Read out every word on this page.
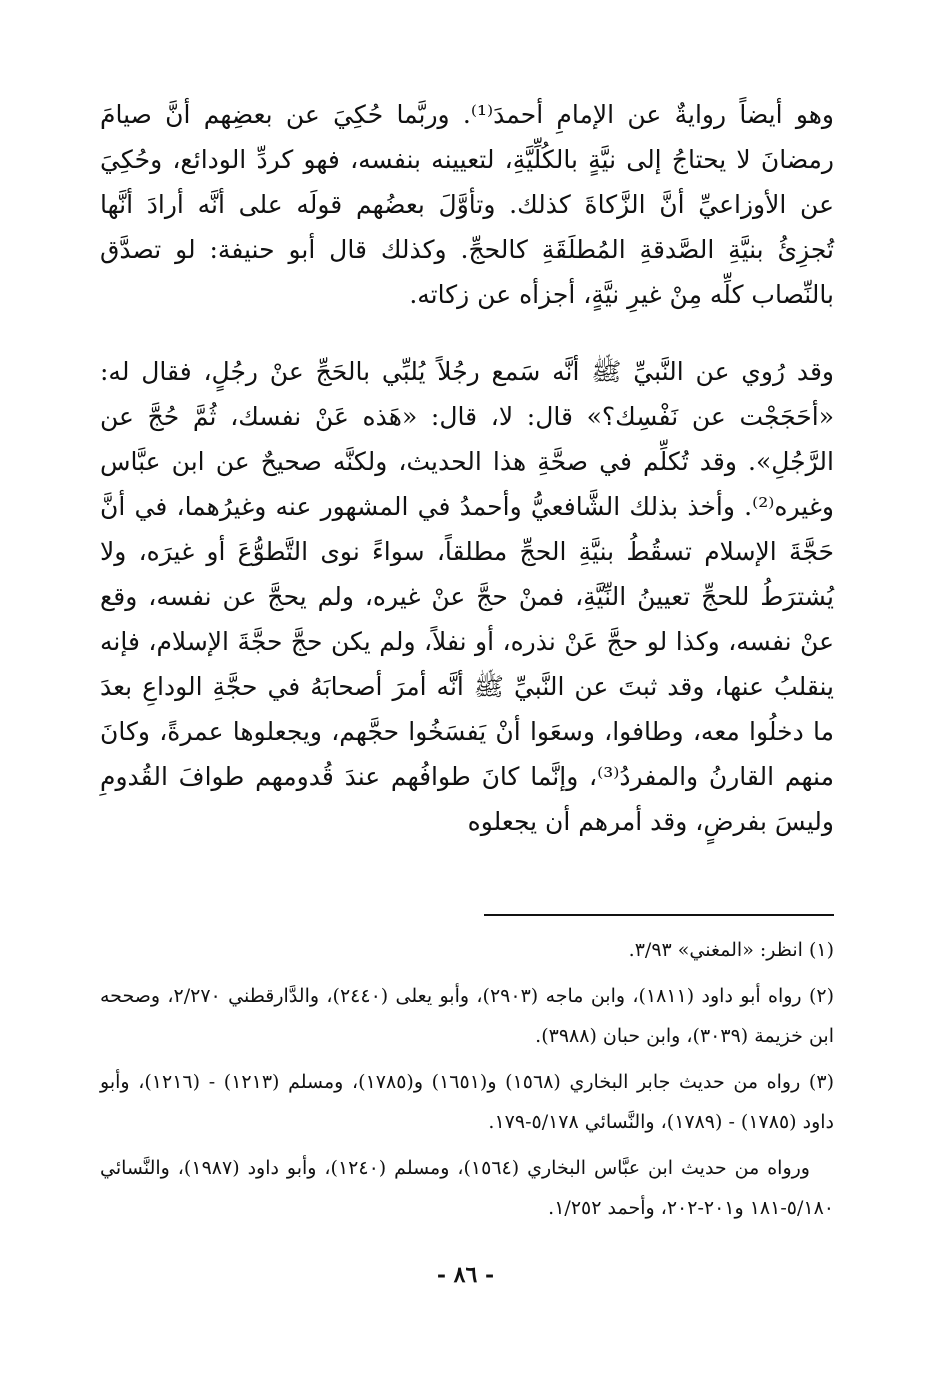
وهو أيضاً روايةٌ عن الإمامِ أحمدَ⁽¹⁾. وربَّما حُكِيَ عن بعضِهم أنَّ صيامَ رمضانَ لا يحتاجُ إلى نيَّةٍ بالكُلِّيَّةِ، لتعيينه بنفسه، فهو كردِّ الودائع، وحُكِيَ عن الأوزاعيِّ أنَّ الزَّكاةَ كذلك. وتأوَّلَ بعضُهم قولَه على أنَّه أرادَ أنَّها تُجزِئُ بنيَّةِ الصَّدقةِ المُطلَقَةِ كالحجِّ. وكذلك قال أبو حنيفة: لو تصدَّق بالنِّصاب كلِّه مِنْ غيرِ نيَّةٍ، أجزأه عن زكاته.

وقد رُوي عن النَّبيِّ ﷺ أنَّه سَمع رجُلاً يُلبِّي بالحَجِّ عنْ رجُلٍ، فقال له: «أحَجَجْت عن نَفْسِك؟» قال: لا، قال: «هَذه عَنْ نفسك، ثُمَّ حُجَّ عن الرَّجُلِ». وقد تُكلِّم في صحَّةِ هذا الحديث، ولكنَّه صحيحٌ عن ابن عبَّاس وغيره⁽²⁾. وأخذ بذلك الشَّافعيُّ وأحمدُ في المشهور عنه وغيرُهما، في أنَّ حَجَّةَ الإسلام تسقُطُ بنيَّةِ الحجِّ مطلقاً، سواءً نوى التَّطوُّعَ أو غيرَه، ولا يُشترَطُ للحجِّ تعيينُ النِّيَّةِ، فمنْ حجَّ عنْ غيره، ولم يحجَّ عن نفسه، وقع عنْ نفسه، وكذا لو حجَّ عَنْ نذره، أو نفلاً، ولم يكن حجَّ حجَّةَ الإسلام، فإنه ينقلبُ عنها، وقد ثبتَ عن النَّبيِّ ﷺ أنَّه أمرَ أصحابَهُ في حجَّةِ الوداعِ بعدَ ما دخلُوا معه، وطافوا، وسعَوا أنْ يَفسَخُوا حجَّهم، ويجعلوها عمرةً، وكانَ منهم القارنُ والمفردُ⁽³⁾، وإنَّما كانَ طوافُهم عندَ قُدومهم طوافَ القُدومِ وليسَ بفرضٍ، وقد أمرهم أن يجعلوه

(١) انظر: «المغني» ٣/٩٣.

(٢) رواه أبو داود (١٨١١)، وابن ماجه (٢٩٠٣)، وأبو يعلى (٢٤٤٠)، والدَّارقطني ٢/٢٧٠، وصححه ابن خزيمة (٣٠٣٩)، وابن حبان (٣٩٨٨).

(٣) رواه من حديث جابر البخاري (١٥٦٨) و(١٦٥١) و(١٧٨٥)، ومسلم (١٢١٣) - (١٢١٦)، وأبو داود (١٧٨٥) - (١٧٨٩)، والنَّسائي ٥/١٧٨-١٧٩.

ورواه من حديث ابن عبَّاس البخاري (١٥٦٤)، ومسلم (١٢٤٠)، وأبو داود (١٩٨٧)، والنَّسائي ٥/١٨٠-١٨١ و٢٠١-٢٠٢، وأحمد ١/٢٥٢.

- ٨٦ -
